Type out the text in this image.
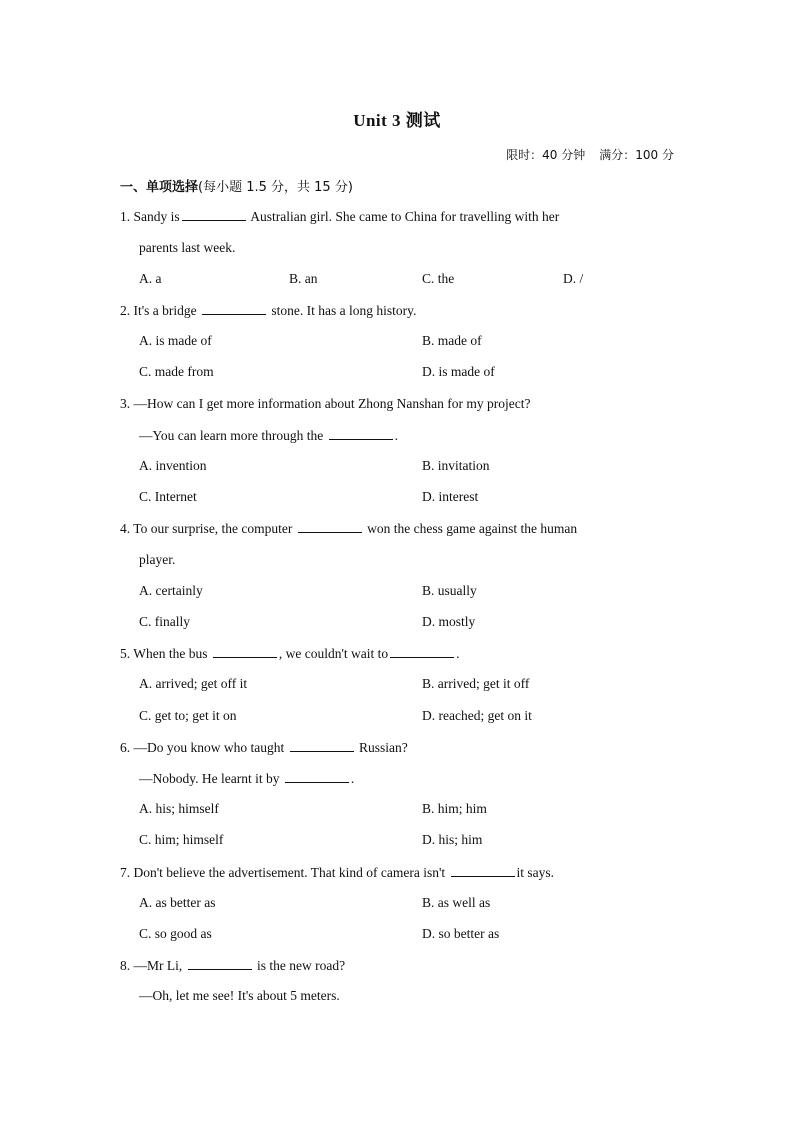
Unit 3 测试
限时：40 分钟 满分：100 分
一、单项选择(每小题 1.5 分，共 15 分)
1. Sandy is	Australian girl. She came to China for travelling with her
parents last week.
A. a	B. an	C. the	D. /
2. It's a bridge	stone. It has a long history.
A. is made of	B. made of
C. made from	D. is made of
3. —How can I get more information about Zhong Nanshan for my project?
—You can learn more through the	.
A. invention	B. invitation
C. Internet	D. interest
4. To our surprise, the computer	won the chess game against the human
player.
A. certainly	B. usually
C. finally	D. mostly
5. When the bus	, we couldn't wait to	.
A. arrived; get off it	B. arrived; get it off
C. get to; get it on	D. reached; get on it
6. —Do you know who taught	Russian?
—Nobody. He learnt it by	.
A. his; himself	B. him; him
C. him; himself	D. his; him
7. Don't believe the advertisement. That kind of camera isn't	it says.
A. as better as	B. as well as
C. so good as	D. so better as
8. —Mr Li,	is the new road?
—Oh, let me see! It's about 5 meters.
